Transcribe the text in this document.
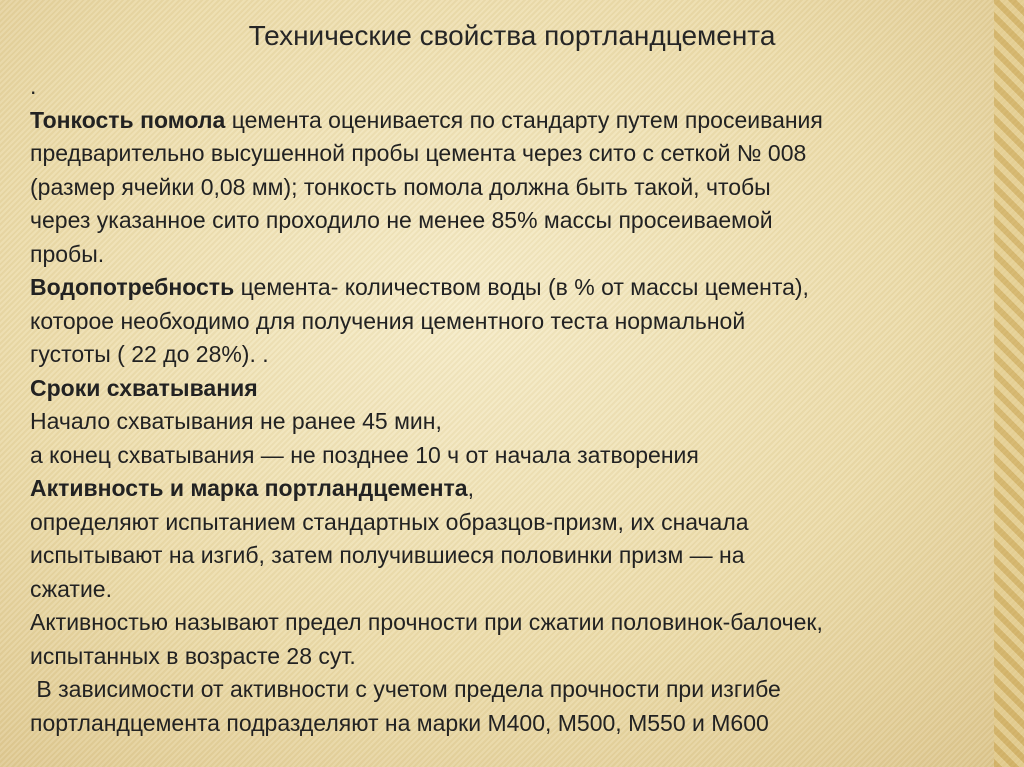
Технические свойства портландцемента
.
Тонкость помола цемента оценивается по стандарту путем просеивания
предварительно высушенной пробы цемента через сито с сеткой № 008
(размер ячейки 0,08 мм); тонкость помола должна быть такой, чтобы
через указанное сито проходило не менее 85% массы просеиваемой
пробы.
Водопотребность цемента- количеством воды (в % от массы цемента),
которое необходимо для получения цементного теста нормальной
густоты ( 22 до 28%). .
Сроки схватывания
Начало схватывания не ранее 45 мин,
а конец схватывания — не позднее 10 ч от начала затворения
Активность и марка портландцемента,
определяют испытанием стандартных образцов-призм, их сначала
испытывают на изгиб, затем получившиеся половинки призм — на
сжатие.
Активностью называют предел прочности при сжатии половинок-балочек,
испытанных в возрасте 28 сут.
В зависимости от активности с учетом предела прочности при изгибе
портландцемента подразделяют на марки М400, М500, М550 и М600
